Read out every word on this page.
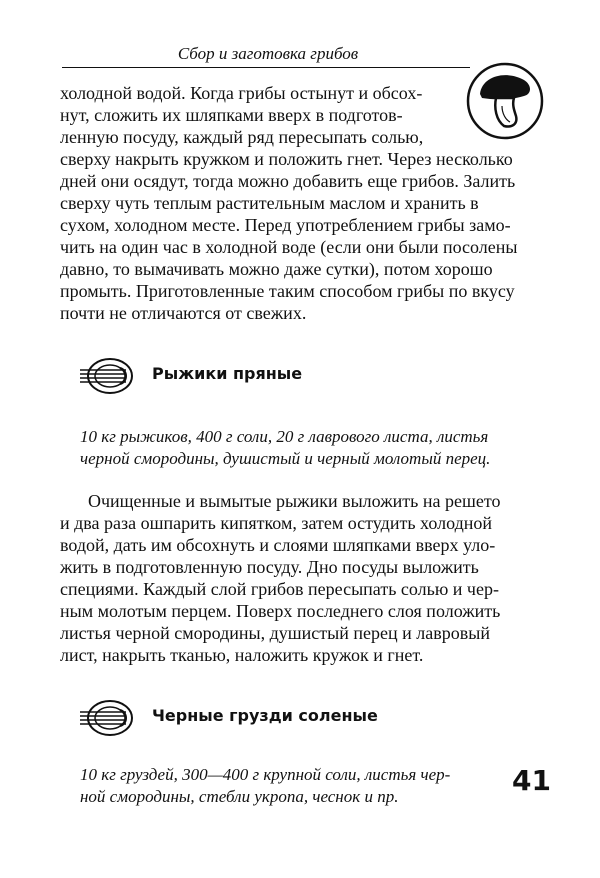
Сбор и заготовка грибов

холодной водой. Когда грибы остынут и обсох-
нут, сложить их шляпками вверх в подготов-
ленную посуду, каждый ряд пересыпать солью,
сверху накрыть кружком и положить гнет. Через несколько
дней они осядут, тогда можно добавить еще грибов. Залить
сверху чуть теплым растительным маслом и хранить в
сухом, холодном месте. Перед употреблением грибы замо-
чить на один час в холодной воде (если они были посолены
давно, то вымачивать можно даже сутки), потом хорошо
промыть. Приготовленные таким способом грибы по вкусу
почти не отличаются от свежих.

Рыжики пряные
10 кг рыжиков, 400 г соли, 20 г лаврового листа, листья
черной смородины, душистый и черный молотый перец.

Очищенные и вымытые рыжики выложить на решето
и два раза ошпарить кипятком, затем остудить холодной
водой, дать им обсохнуть и слоями шляпками вверх уло-
жить в подготовленную посуду. Дно посуды выложить
специями. Каждый слой грибов пересыпать солью и чер-
ным молотым перцем. Поверх последнего слоя положить
листья черной смородины, душистый перец и лавровый
лист, накрыть тканью, наложить кружок и гнет.

Черные грузди соленые
10 кг груздей, 300—400 г крупной соли, листья чер-
ной смородины, стебли укропа, чеснок и пр.	41
